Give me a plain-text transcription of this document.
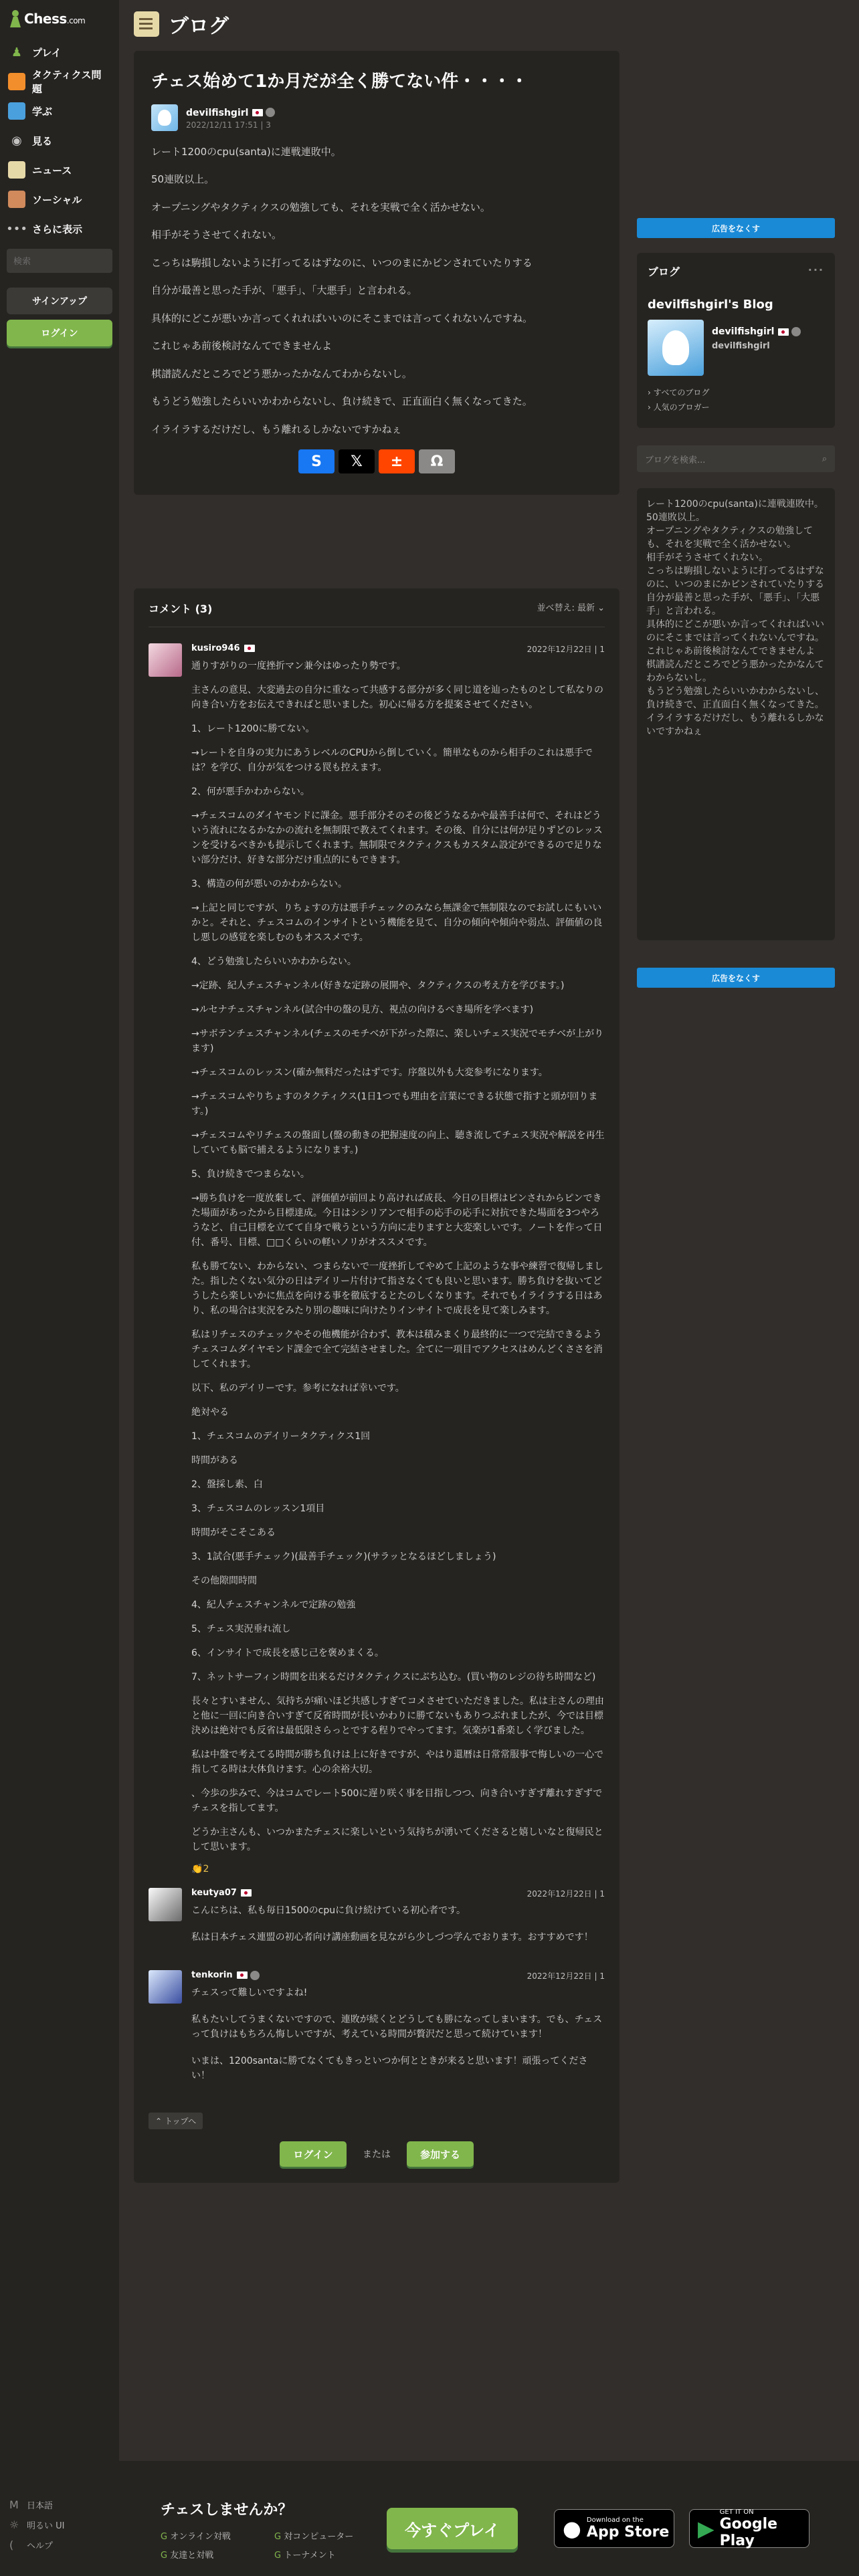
Chess.com
♟ プレイ
タクティクス問題
学ぶ
◉	見る
ニュース
ソーシャル
••• さらに表示
検索
サインアップ
ログイン
M 日本語
☼ 明るい UI
(	ヘルプ
ブログ
チェス始めて1か月だが全く勝てない件・・・・
devilfishgirl
2022/12/11 17:51 | 3

レート1200のcpu(santa)に連戦連敗中。

50連敗以上。

オープニングやタクティクスの勉強しても、それを実戦で全く活かせない。

相手がそうさせてくれない。

こっちは駒損しないように打ってるはずなのに、いつのまにかピンされていたりする

自分が最善と思った手が、「悪手」、「大悪手」と言われる。

具体的にどこが悪いか言ってくれればいいのにそこまでは言ってくれないんですね。

これじゃあ前後検討なんてできませんよ

棋譜読んだところでどう悪かったかなんてわからないし。

もうどう勉強したらいいかわからないし、負け続きで、正直面白く無くなってきた。

イライラするだけだし、もう離れるしかないですかねぇ

S	𝕏	±	Ω
広告をなくす
ブログ	···
devilfishgirl's Blog
devilfishgirl
devilfishgirl
› すべてのブログ
› 人気のブロガー
ブログを検索...	⌕
レート1200のcpu(santa)に連戦連敗中。
50連敗以上。
オープニングやタクティクスの勉強しても、それを実戦で全く活かせない。
相手がそうさせてくれない。
こっちは駒損しないように打ってるはずなのに、いつのまにかピンされていたりする
自分が最善と思った手が、「悪手」、「大悪手」と言われる。
具体的にどこが悪いか言ってくれればいいのにそこまでは言ってくれないんですね。
これじゃあ前後検討なんてできませんよ
棋譜読んだところでどう悪かったかなんてわからないし。
もうどう勉強したらいいかわからないし、負け続きで、正直面白く無くなってきた。
イライラするだけだし、もう離れるしかないですかねぇ
広告をなくす
コメント (3)	並べ替え: 最新 ⌄
kusiro946	2022年12月22日 | 1

通りすがりの一度挫折マン兼今はゆったり勢です。

主さんの意見、大変過去の自分に重なって共感する部分が多く同じ道を辿ったものとして私なりの向き合い方をお伝えできればと思いました。初心に帰る方を提案させてください。

1、レート1200に勝てない。

→レートを自身の実力にあうレベルのCPUから倒していく。簡単なものから相手のこれは悪手では？を学び、自分が気をつける罠も控えます。

2、何が悪手かわからない。

→チェスコムのダイヤモンドに課金。悪手部分そのその後どうなるかや最善手は何で、それはどういう流れになるかなかの流れを無制限で教えてくれます。その後、自分には何が足りずどのレッスンを受けるべきかも提示してくれます。無制限でタクティクスもカスタム設定ができるので足りない部分だけ、好きな部分だけ重点的にもできます。

3、構造の何が悪いのかわからない。

→上記と同じですが、りちょすの方は悪手チェックのみなら無課金で無制限なのでお試しにもいいかと。それと、チェスコムのインサイトという機能を見て、自分の傾向や傾向や弱点、評価値の良し悪しの感覚を楽しむのもオススメです。

4、どう勉強したらいいかわからない。

→定跡、紀人チェスチャンネル(好きな定跡の展開や、タクティクスの考え方を学びます。)

→ルセナチェスチャンネル(試合中の盤の見方、視点の向けるべき場所を学べます)

→サボテンチェスチャンネル(チェスのモチベが下がった際に、楽しいチェス実況でモチベが上がります)

→チェスコムのレッスン(確か無料だったはずです。序盤以外も大変参考になります。

→チェスコムやりちょすのタクティクス(1日1つでも理由を言葉にできる状態で指すと頭が回ります。)

→チェスコムやリチェスの盤面し(盤の動きの把握速度の向上、聴き流してチェス実況や解説を再生していても脳で捕えるようになります。)

5、負け続きでつまらない。

→勝ち負けを一度放棄して、評価値が前回より高ければ成長、今日の目標はピンされからピンできた場面があったから目標達成。今日はシシリアンで相手の応手の応手に対抗できた場面を3つやろうなど、自己目標を立てて自身で戦うという方向に走りますと大変楽しいです。ノートを作って日付、番号、目標、□□くらいの軽いノリがオススメです。

私も勝てない、わからない、つまらないで一度挫折してやめて上記のような事や練習で復帰しました。指したくない気分の日はデイリー片付けて指さなくても良いと思います。勝ち負けを抜いてどうしたら楽しいかに焦点を向ける事を徹底するとたのしくなります。それでもイライラする日はあり、私の場合は実況をみたり別の趣味に向けたりインサイトで成長を見て楽しみます。

私はリチェスのチェックやその他機能が合わず、教本は積みまくり最終的に一つで完結できるようチェスコムダイヤモンド課金で全て完結させました。全てに一項目でアクセスはめんどくささを消してくれます。

以下、私のデイリーです。参考になれば幸いです。

絶対やる

1、チェスコムのデイリータクティクス1回

時間がある

2、盤採し素、白

3、チェスコムのレッスン1項目

時間がそこそこある

3、1試合(悪手チェック)(最善手チェック)(サラッとなるほどしましょう)

その他隙間時間

4、紀人チェスチャンネルで定跡の勉強

5、チェス実況垂れ流し

6、インサイトで成長を感じ己を褒めまくる。

7、ネットサーフィン時間を出来るだけタクティクスにぶち込む。(買い物のレジの待ち時間など)

長々とすいません、気持ちが痛いほど共感しすぎてコメさせていただきました。私は主さんの理由と他に一回に向き合いすぎて反省時間が長いかわりに勝てないもありつぶれましたが、今では目標決めは絶対でも反省は最低限さらっとでする程りでやってます。気楽が1番楽しく学びました。

私は中盤で考えてる時間が勝ち負けは上に好きですが、やはり還暦は日常常服事で悔しいの一心で指してる時は大体負けます。心の余裕大切。

、今歩の歩みで、今はコムでレート500に遅り咲く事を目指しつつ、向き合いすぎず離れすぎずでチェスを指してます。

どうか主さんも、いつかまたチェスに楽しいという気持ちが湧いてくださると嬉しいなと復帰民として思います。

👏2
keutya07	2022年12月22日 | 1

こんにちは、私も毎日1500のcpuに負け続けている初心者です。

私は日本チェス連盟の初心者向け講座動画を見ながら少しづつ学んでおります。おすすめです！

tenkorin	2022年12月22日 | 1

チェスって難しいですよね!

私もたいしてうまくないですので、連敗が続くとどうしても勝になってしまいます。でも、チェスって負けはもちろん悔しいですが、考えている時間が贅沢だと思って続けています！

いまは、1200santaに勝てなくてもきっといつか何とときが来ると思います！頑張ってください！

⌃ トップへ
ログイン	または	参加する
チェスしませんか？
G オンライン対戦	G 対コンピューター
G 友達と対戦	G トーナメント
今すぐプレイ	● Download on the
App Store ▶
GET IT ON
Google Play
